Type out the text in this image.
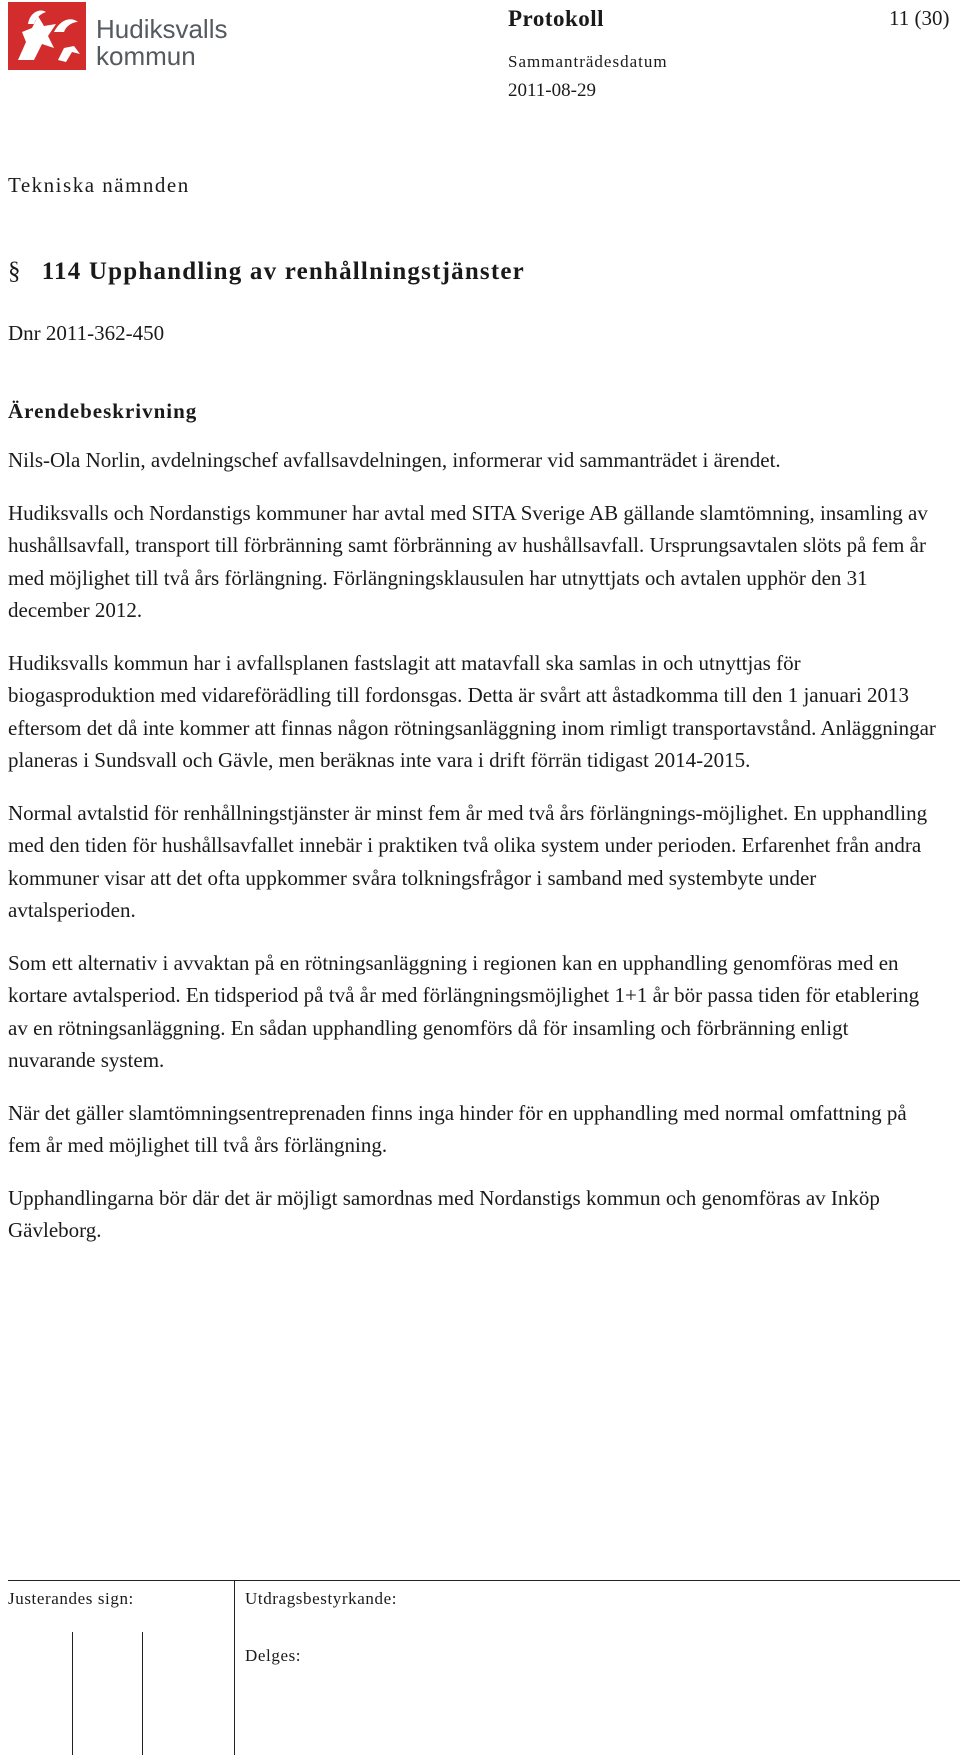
Hudiksvalls
kommun
Protokoll	11 (30)
Sammanträdesdatum
2011-08-29
Tekniska nämnden
§ 114 Upphandling av renhållningstjänster
Dnr 2011-362-450
Ärendebeskrivning

Nils-Ola Norlin, avdelningschef avfallsavdelningen, informerar vid sammanträdet i ärendet.

Hudiksvalls och Nordanstigs kommuner har avtal med SITA Sverige AB gällande slamtömning, insamling av hushållsavfall, transport till förbränning samt förbränning av hushållsavfall. Ursprungsavtalen slöts på fem år med möjlighet till två års förlängning. Förlängningsklausulen har utnyttjats och avtalen upphör den 31 december 2012.

Hudiksvalls kommun har i avfallsplanen fastslagit att matavfall ska samlas in och utnyttjas för biogasproduktion med vidareförädling till fordonsgas. Detta är svårt att åstadkomma till den 1 januari 2013 eftersom det då inte kommer att finnas någon rötningsanläggning inom rimligt transportavstånd. Anläggningar planeras i Sundsvall och Gävle, men beräknas inte vara i drift förrän tidigast 2014-2015.

Normal avtalstid för renhållningstjänster är minst fem år med två års förlängnings-möjlighet. En upphandling med den tiden för hushållsavfallet innebär i praktiken två olika system under perioden. Erfarenhet från andra kommuner visar att det ofta uppkommer svåra tolkningsfrågor i samband med systembyte under avtalsperioden.

Som ett alternativ i avvaktan på en rötningsanläggning i regionen kan en upphandling genomföras med en kortare avtalsperiod. En tidsperiod på två år med förlängningsmöjlighet 1+1 år bör passa tiden för etablering av en rötningsanläggning. En sådan upphandling genomförs då för insamling och förbränning enligt nuvarande system.

När det gäller slamtömningsentreprenaden finns inga hinder för en upphandling med normal omfattning på fem år med möjlighet till två års förlängning.

Upphandlingarna bör där det är möjligt samordnas med Nordanstigs kommun och genomföras av Inköp Gävleborg.

Justerandes sign:	Utdragsbestyrkande:
Delges:
